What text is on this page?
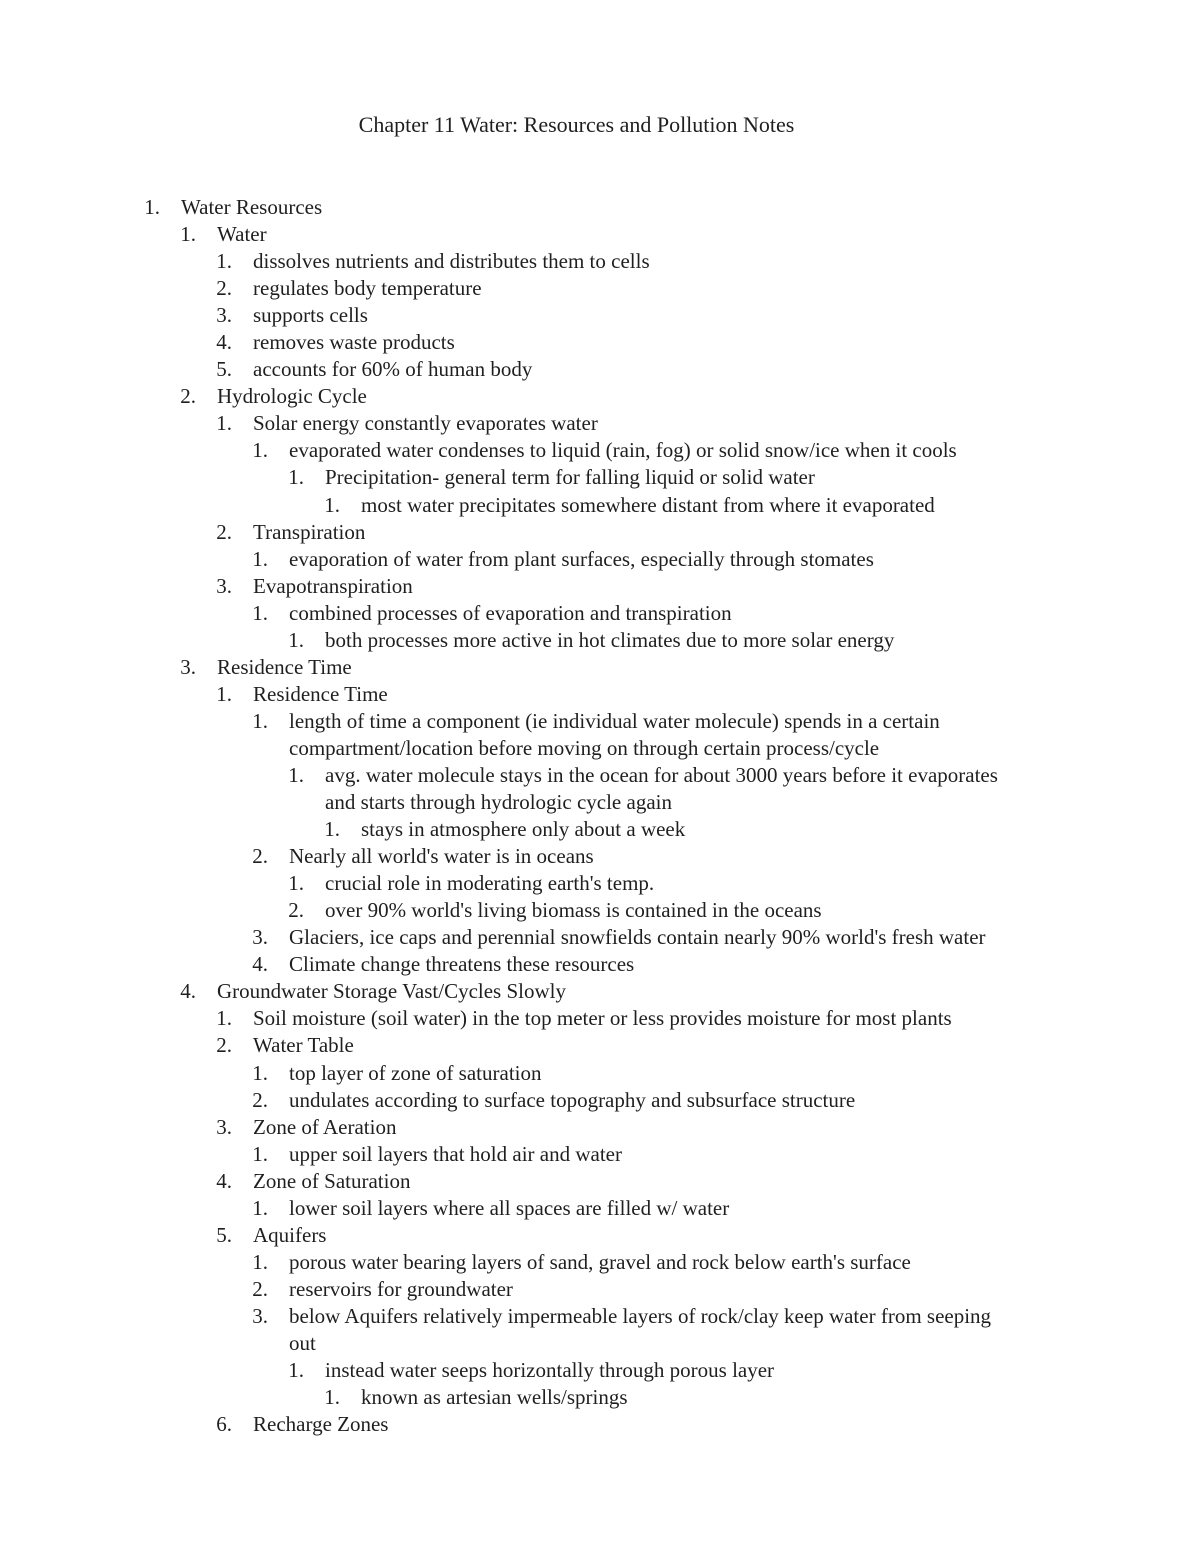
Chapter 11 Water: Resources and Pollution Notes
1. Water Resources
1. Water
1. dissolves nutrients and distributes them to cells
2. regulates body temperature
3. supports cells
4. removes waste products
5. accounts for 60% of human body
2. Hydrologic Cycle
1. Solar energy constantly evaporates water
1. evaporated water condenses to liquid (rain, fog) or solid snow/ice when it cools
1. Precipitation- general term for falling liquid or solid water
1. most water precipitates somewhere distant from where it evaporated
2. Transpiration
1. evaporation of water from plant surfaces, especially through stomates
3. Evapotranspiration
1. combined processes of evaporation and transpiration
1. both processes more active in hot climates due to more solar energy
3. Residence Time
1. Residence Time
1. length of time a component (ie individual water molecule) spends in a certain
compartment/location before moving on through certain process/cycle
1. avg. water molecule stays in the ocean for about 3000 years before it evaporates
and starts through hydrologic cycle again
1. stays in atmosphere only about a week
2. Nearly all world's water is in oceans
1. crucial role in moderating earth's temp.
2. over 90% world's living biomass is contained in the oceans
3. Glaciers, ice caps and perennial snowfields contain nearly 90% world's fresh water
4. Climate change threatens these resources
4. Groundwater Storage Vast/Cycles Slowly
1. Soil moisture (soil water) in the top meter or less provides moisture for most plants
2. Water Table
1. top layer of zone of saturation
2. undulates according to surface topography and subsurface structure
3. Zone of Aeration
1. upper soil layers that hold air and water
4. Zone of Saturation
1. lower soil layers where all spaces are filled w/ water
5. Aquifers
1. porous water bearing layers of sand, gravel and rock below earth's surface
2. reservoirs for groundwater
3. below Aquifers relatively impermeable layers of rock/clay keep water from seeping
out
1. instead water seeps horizontally through porous layer
1. known as artesian wells/springs
6. Recharge Zones
